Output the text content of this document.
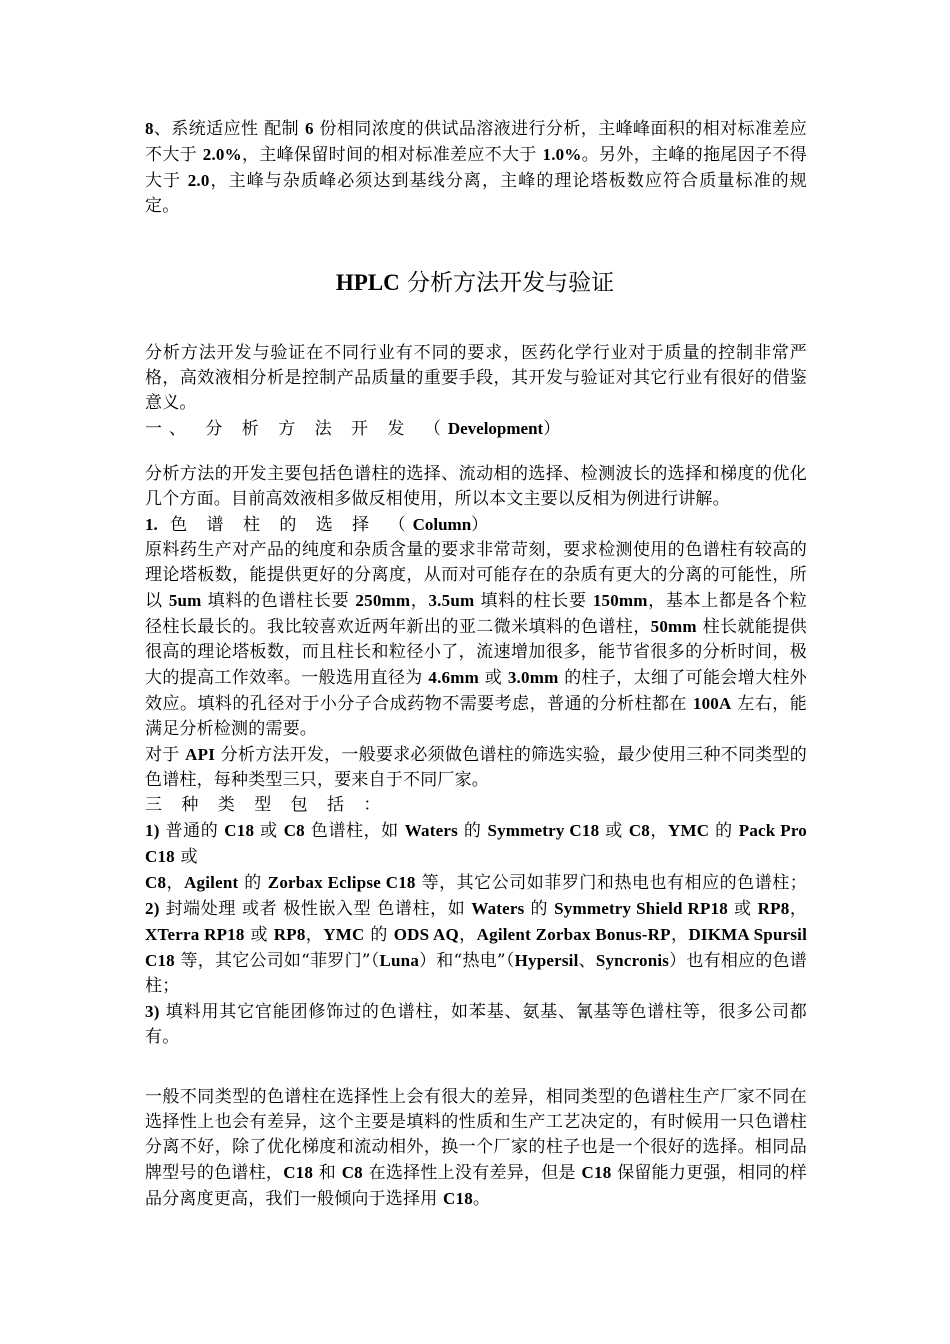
8、系统适应性 配制 6 份相同浓度的供试品溶液进行分析，主峰峰面积的相对标准差应不大于 2.0%，主峰保留时间的相对标准差应不大于 1.0%。另外，主峰的拖尾因子不得大于 2.0，主峰与杂质峰必须达到基线分离，主峰的理论塔板数应符合质量标准的规定。

HPLC 分析方法开发与验证

分析方法开发与验证在不同行业有不同的要求，医药化学行业对于质量的控制非常严格，高效液相分析是控制产品质量的重要手段，其开发与验证对其它行业有很好的借鉴意义。

一、 分 析 方 法 开 发 （Development）

分析方法的开发主要包括色谱柱的选择、流动相的选择、检测波长的选择和梯度的优化几个方面。目前高效液相多做反相使用，所以本文主要以反相为例进行讲解。

1. 色 谱 柱 的 选 择 （Column）

原料药生产对产品的纯度和杂质含量的要求非常苛刻，要求检测使用的色谱柱有较高的理论塔板数，能提供更好的分离度，从而对可能存在的杂质有更大的分离的可能性，所以 5um 填料的色谱柱长要 250mm，3.5um 填料的柱长要 150mm，基本上都是各个粒径柱长最长的。我比较喜欢近两年新出的亚二微米填料的色谱柱，50mm 柱长就能提供很高的理论塔板数，而且柱长和粒径小了，流速增加很多，能节省很多的分析时间，极大的提高工作效率。一般选用直径为 4.6mm 或 3.0mm 的柱子，太细了可能会增大柱外效应。填料的孔径对于小分子合成药物不需要考虑，普通的分析柱都在 100A 左右，能满足分析检测的需要。

对于 API 分析方法开发，一般要求必须做色谱柱的筛选实验，最少使用三种不同类型的色谱柱，每种类型三只，要来自于不同厂家。

三 种 类 型 包 括 ：

1) 普通的 C18 或 C8 色谱柱，如 Waters 的 Symmetry C18 或 C8，YMC 的 Pack Pro C18 或

C8，Agilent 的 Zorbax Eclipse C18 等，其它公司如菲罗门和热电也有相应的色谱柱；2) 封端处理 或者 极性嵌入型 色谱柱，如 Waters 的 Symmetry Shield RP18 或 RP8，XTerra RP18 或 RP8，YMC 的 ODS AQ，Agilent Zorbax Bonus-RP，DIKMA Spursil C18 等，其它公司如“菲罗门”（Luna）和“热电”（Hypersil、Syncronis）也有相应的色谱柱；

3) 填料用其它官能团修饰过的色谱柱，如苯基、氨基、氰基等色谱柱等，很多公司都有。

一般不同类型的色谱柱在选择性上会有很大的差异，相同类型的色谱柱生产厂家不同在选择性上也会有差异，这个主要是填料的性质和生产工艺决定的，有时候用一只色谱柱分离不好，除了优化梯度和流动相外，换一个厂家的柱子也是一个很好的选择。相同品牌型号的色谱柱，C18 和 C8 在选择性上没有差异，但是 C18 保留能力更强，相同的样品分离度更高，我们一般倾向于选择用 C18。
